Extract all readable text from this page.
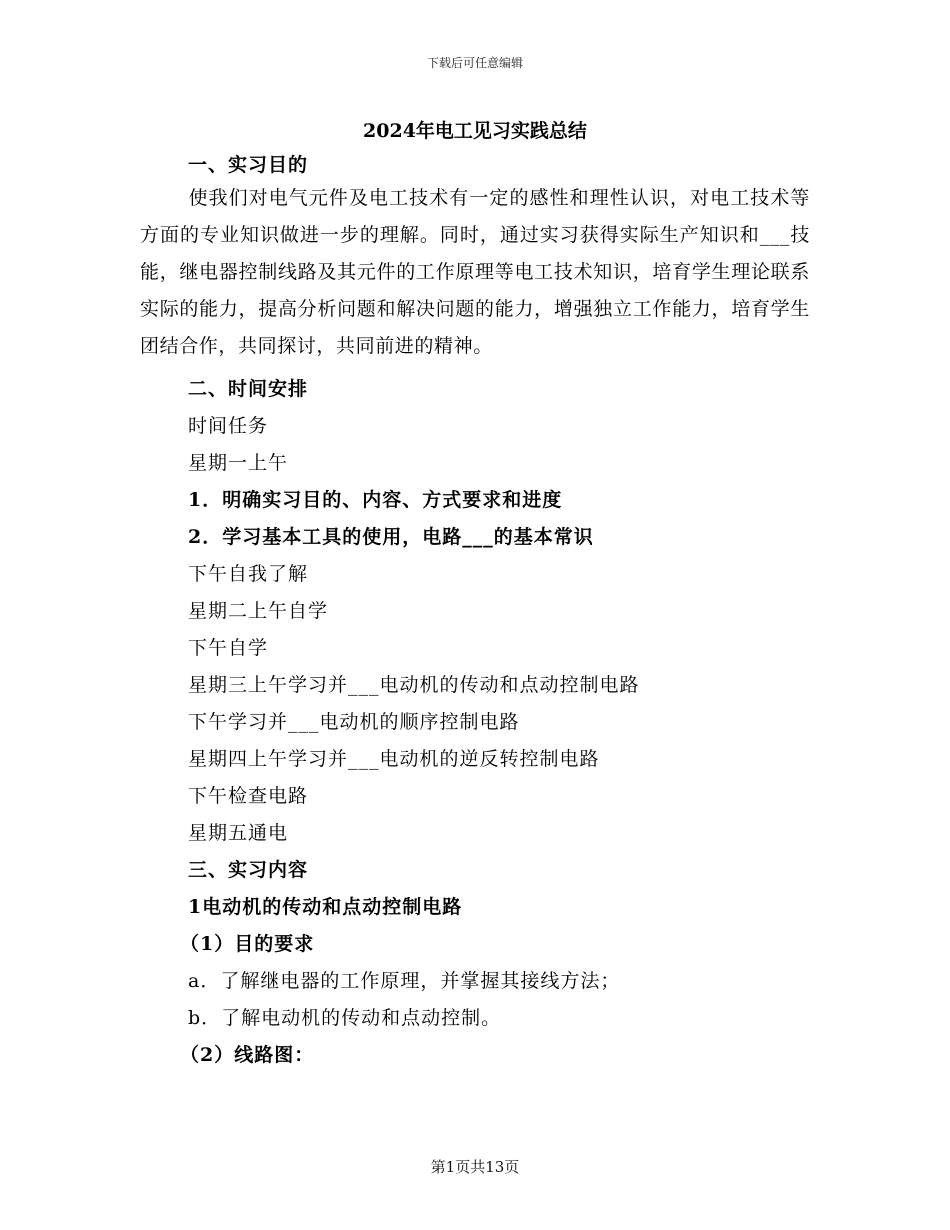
下载后可任意编辑
2024年电工见习实践总结
一、实习目的
使我们对电气元件及电工技术有一定的感性和理性认识，对电工技术等方面的专业知识做进一步的理解。同时，通过实习获得实际生产知识和___技能，继电器控制线路及其元件的工作原理等电工技术知识，培育学生理论联系实际的能力，提高分析问题和解决问题的能力，增强独立工作能力，培育学生团结合作，共同探讨，共同前进的精神。
二、时间安排
时间任务
星期一上午
1．明确实习目的、内容、方式要求和进度
2．学习基本工具的使用，电路___的基本常识
下午自我了解
星期二上午自学
下午自学
星期三上午学习并___电动机的传动和点动控制电路
下午学习并___电动机的顺序控制电路
星期四上午学习并___电动机的逆反转控制电路
下午检查电路
星期五通电
三、实习内容
1电动机的传动和点动控制电路
（1）目的要求
a．了解继电器的工作原理，并掌握其接线方法；
b．了解电动机的传动和点动控制。
（2）线路图：
第1页共13页
